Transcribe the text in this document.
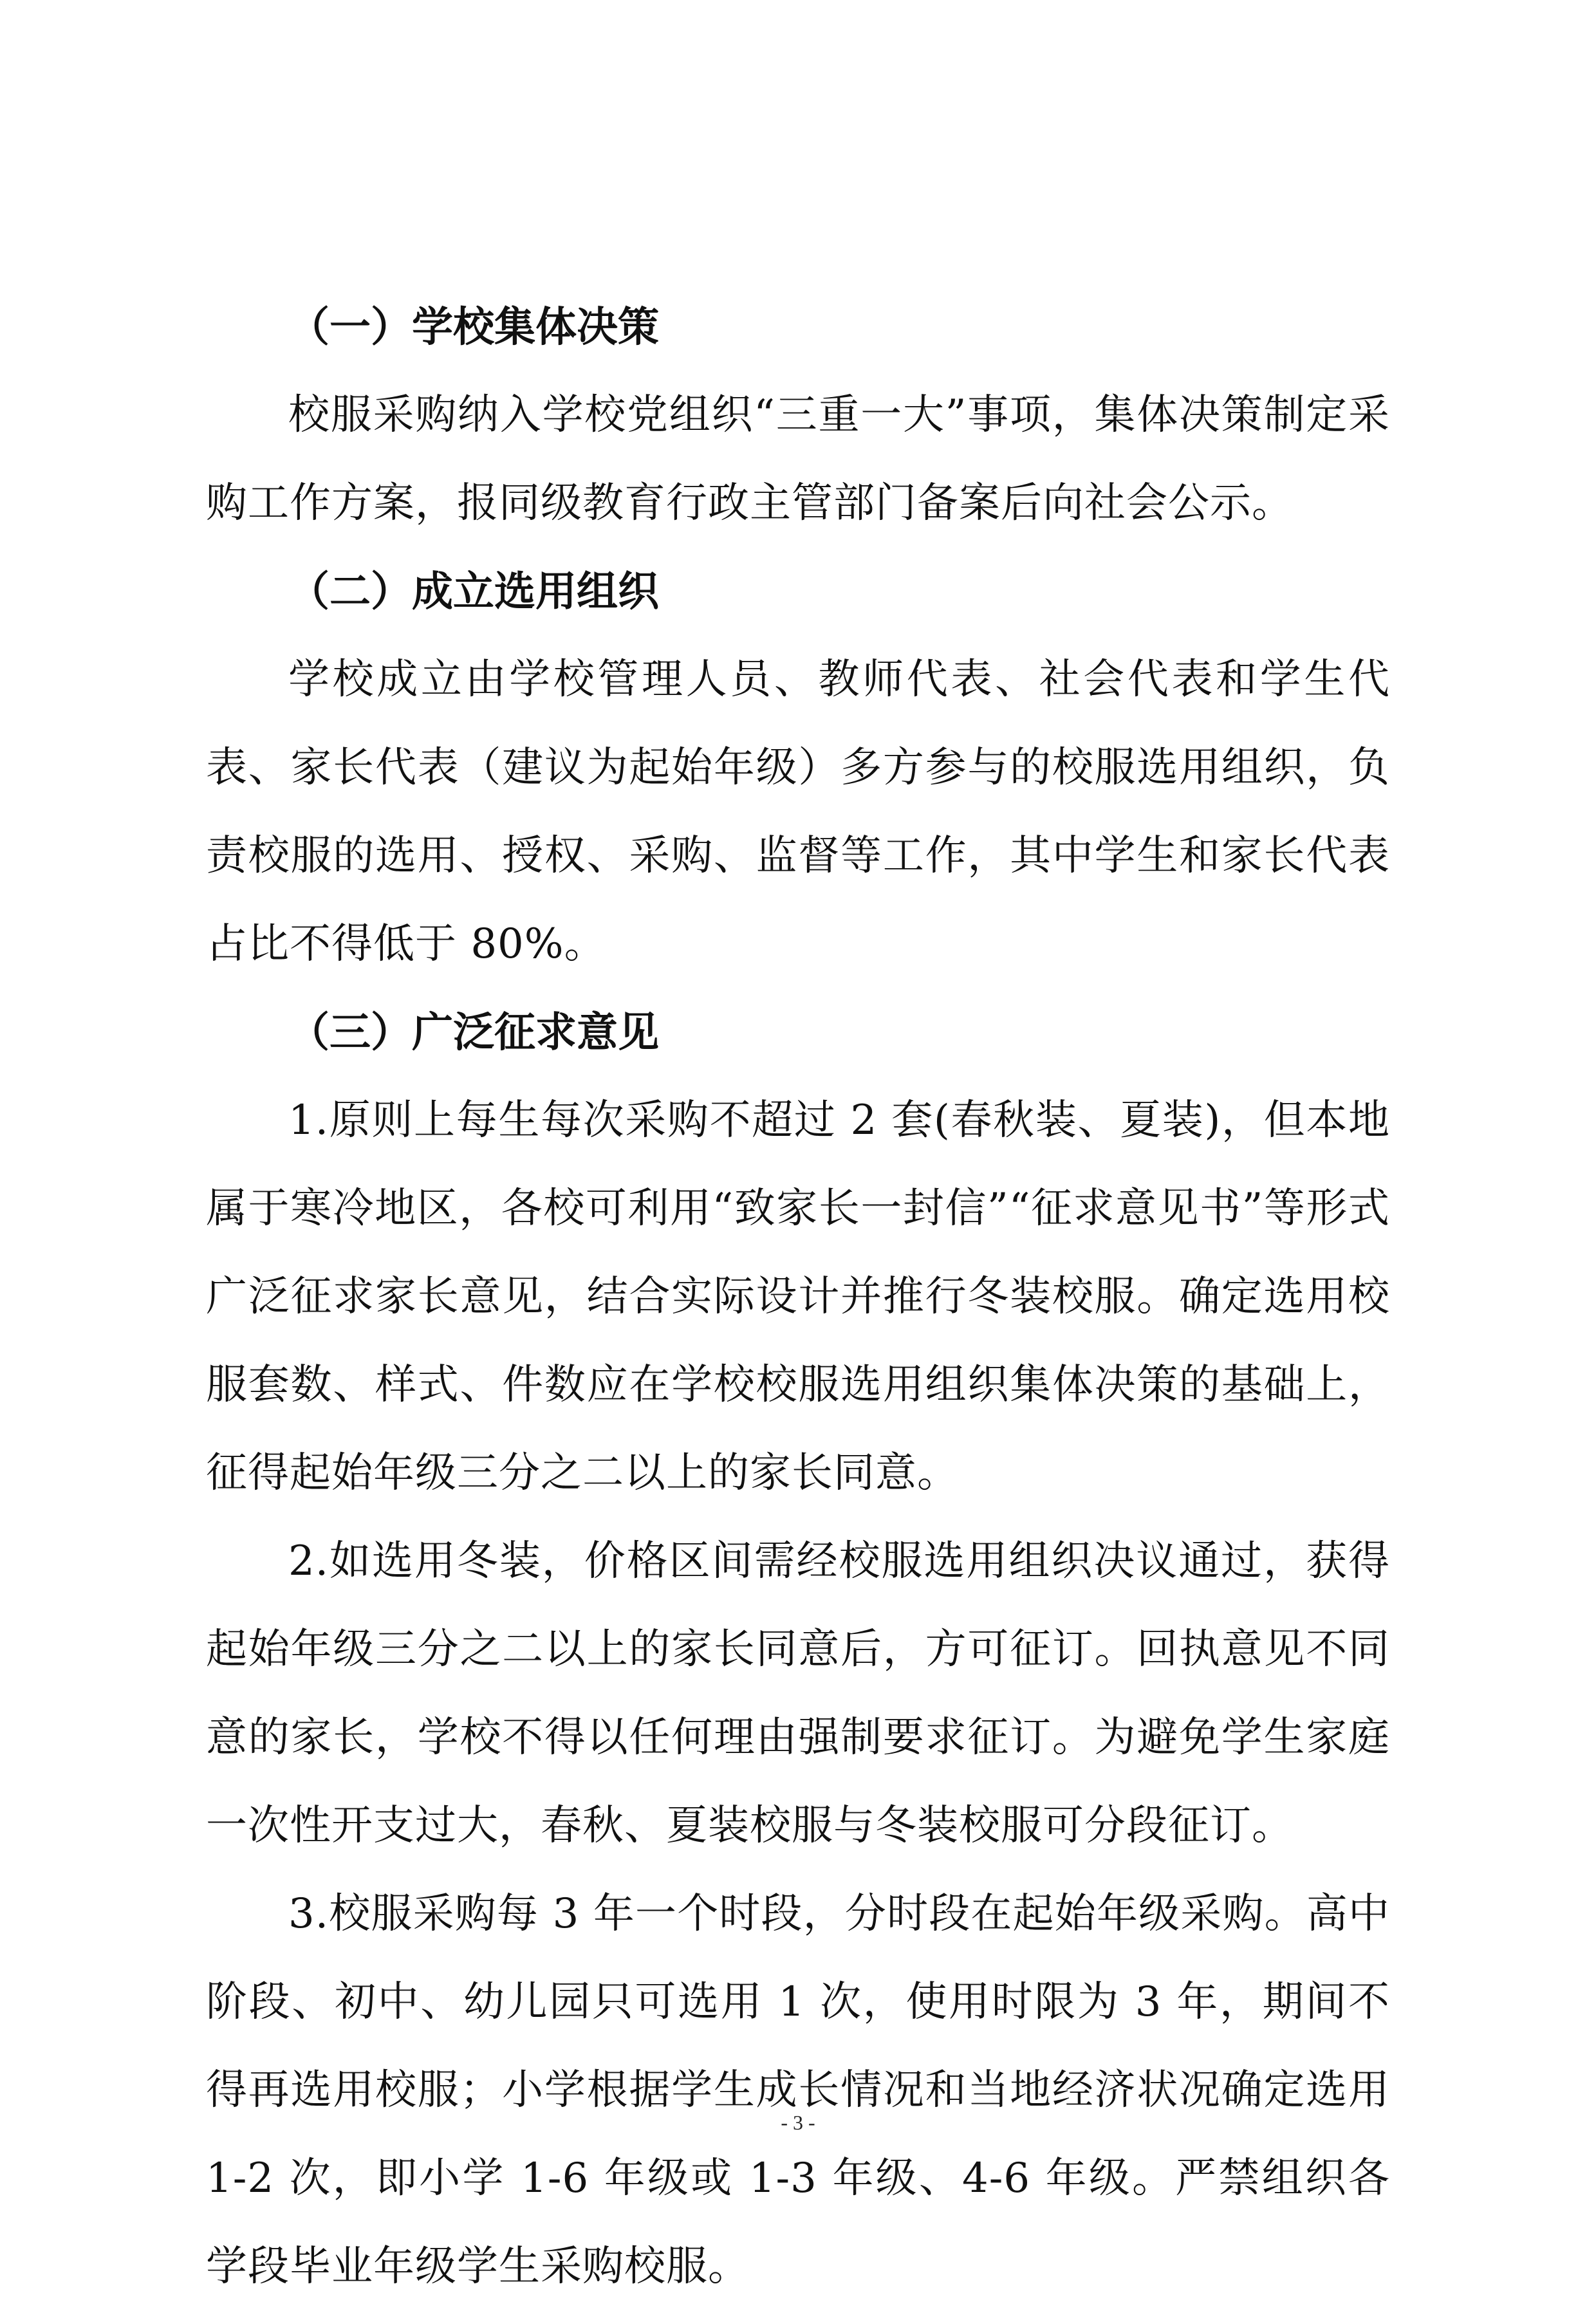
（一）学校集体决策

校服采购纳入学校党组织“三重一大”事项，集体决策制定采购工作方案，报同级教育行政主管部门备案后向社会公示。

（二）成立选用组织

学校成立由学校管理人员、教师代表、社会代表和学生代表、家长代表（建议为起始年级）多方参与的校服选用组织，负责校服的选用、授权、采购、监督等工作，其中学生和家长代表占比不得低于 80%。

（三）广泛征求意见

1.原则上每生每次采购不超过 2 套(春秋装、夏装)，但本地属于寒冷地区，各校可利用“致家长一封信”“征求意见书”等形式广泛征求家长意见，结合实际设计并推行冬装校服。确定选用校服套数、样式、件数应在学校校服选用组织集体决策的基础上，征得起始年级三分之二以上的家长同意。

2.如选用冬装，价格区间需经校服选用组织决议通过，获得起始年级三分之二以上的家长同意后，方可征订。回执意见不同意的家长，学校不得以任何理由强制要求征订。为避免学生家庭一次性开支过大，春秋、夏装校服与冬装校服可分段征订。

3.校服采购每 3 年一个时段，分时段在起始年级采购。高中阶段、初中、幼儿园只可选用 1 次，使用时限为 3 年，期间不得再选用校服；小学根据学生成长情况和当地经济状况确定选用1-2 次，即小学 1-6 年级或 1-3 年级、4-6 年级。严禁组织各学段毕业年级学生采购校服。

- 3 -
